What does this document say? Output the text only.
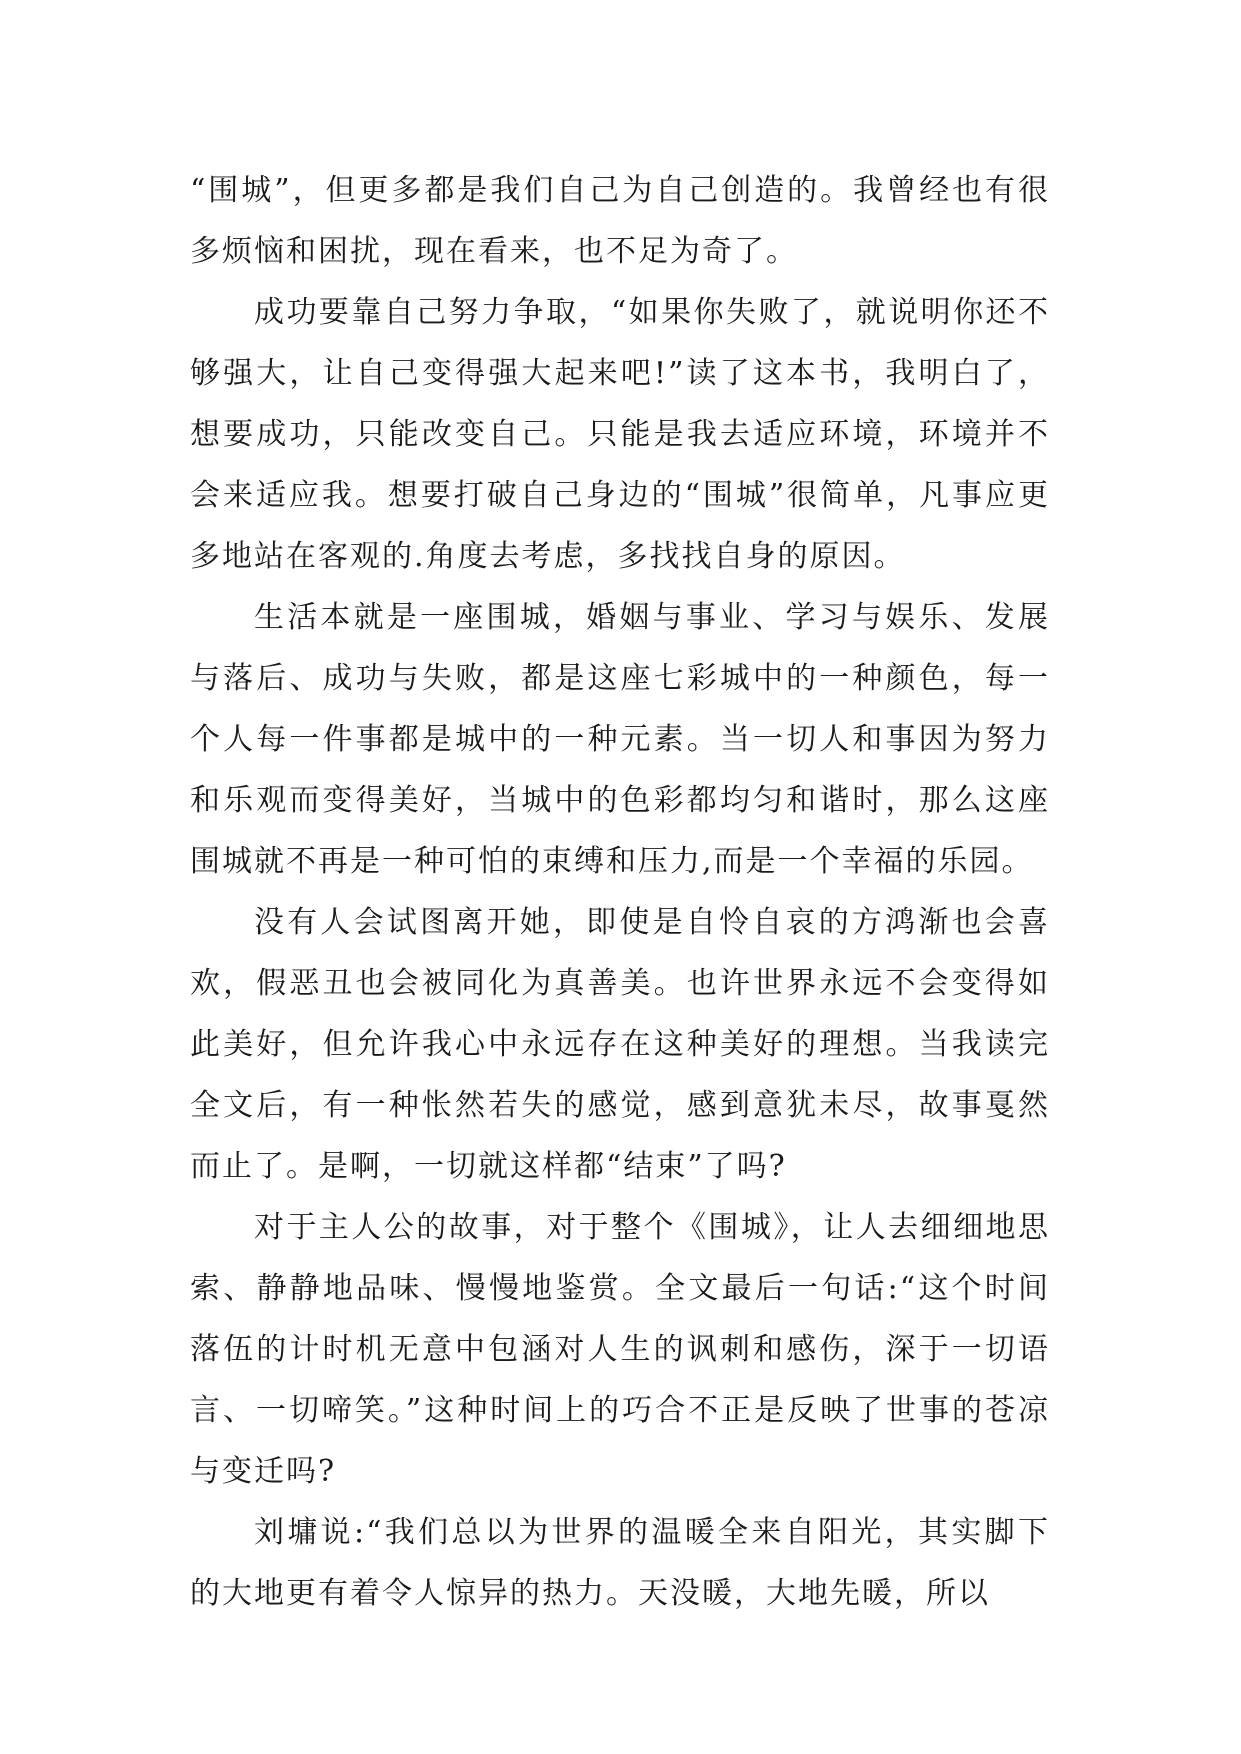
“围城”，但更多都是我们自己为自己创造的。我曾经也有很多烦恼和困扰，现在看来，也不足为奇了。

成功要靠自己努力争取，“如果你失败了，就说明你还不够强大，让自己变得强大起来吧!”读了这本书，我明白了，想要成功，只能改变自己。只能是我去适应环境，环境并不会来适应我。想要打破自己身边的“围城”很简单，凡事应更多地站在客观的.角度去考虑，多找找自身的原因。

生活本就是一座围城，婚姻与事业、学习与娱乐、发展与落后、成功与失败，都是这座七彩城中的一种颜色，每一个人每一件事都是城中的一种元素。当一切人和事因为努力和乐观而变得美好，当城中的色彩都均匀和谐时，那么这座围城就不再是一种可怕的束缚和压力,而是一个幸福的乐园。

没有人会试图离开她，即使是自怜自哀的方鸿渐也会喜欢，假恶丑也会被同化为真善美。也许世界永远不会变得如此美好，但允许我心中永远存在这种美好的理想。当我读完全文后，有一种怅然若失的感觉，感到意犹未尽，故事戛然而止了。是啊，一切就这样都“结束”了吗?

对于主人公的故事，对于整个《围城》，让人去细细地思索、静静地品味、慢慢地鉴赏。全文最后一句话:“这个时间落伍的计时机无意中包涵对人生的讽刺和感伤，深于一切语言、一切啼笑。”这种时间上的巧合不正是反映了世事的苍凉与变迁吗?

刘墉说:“我们总以为世界的温暖全来自阳光，其实脚下的大地更有着令人惊异的热力。天没暖，大地先暖，所以
